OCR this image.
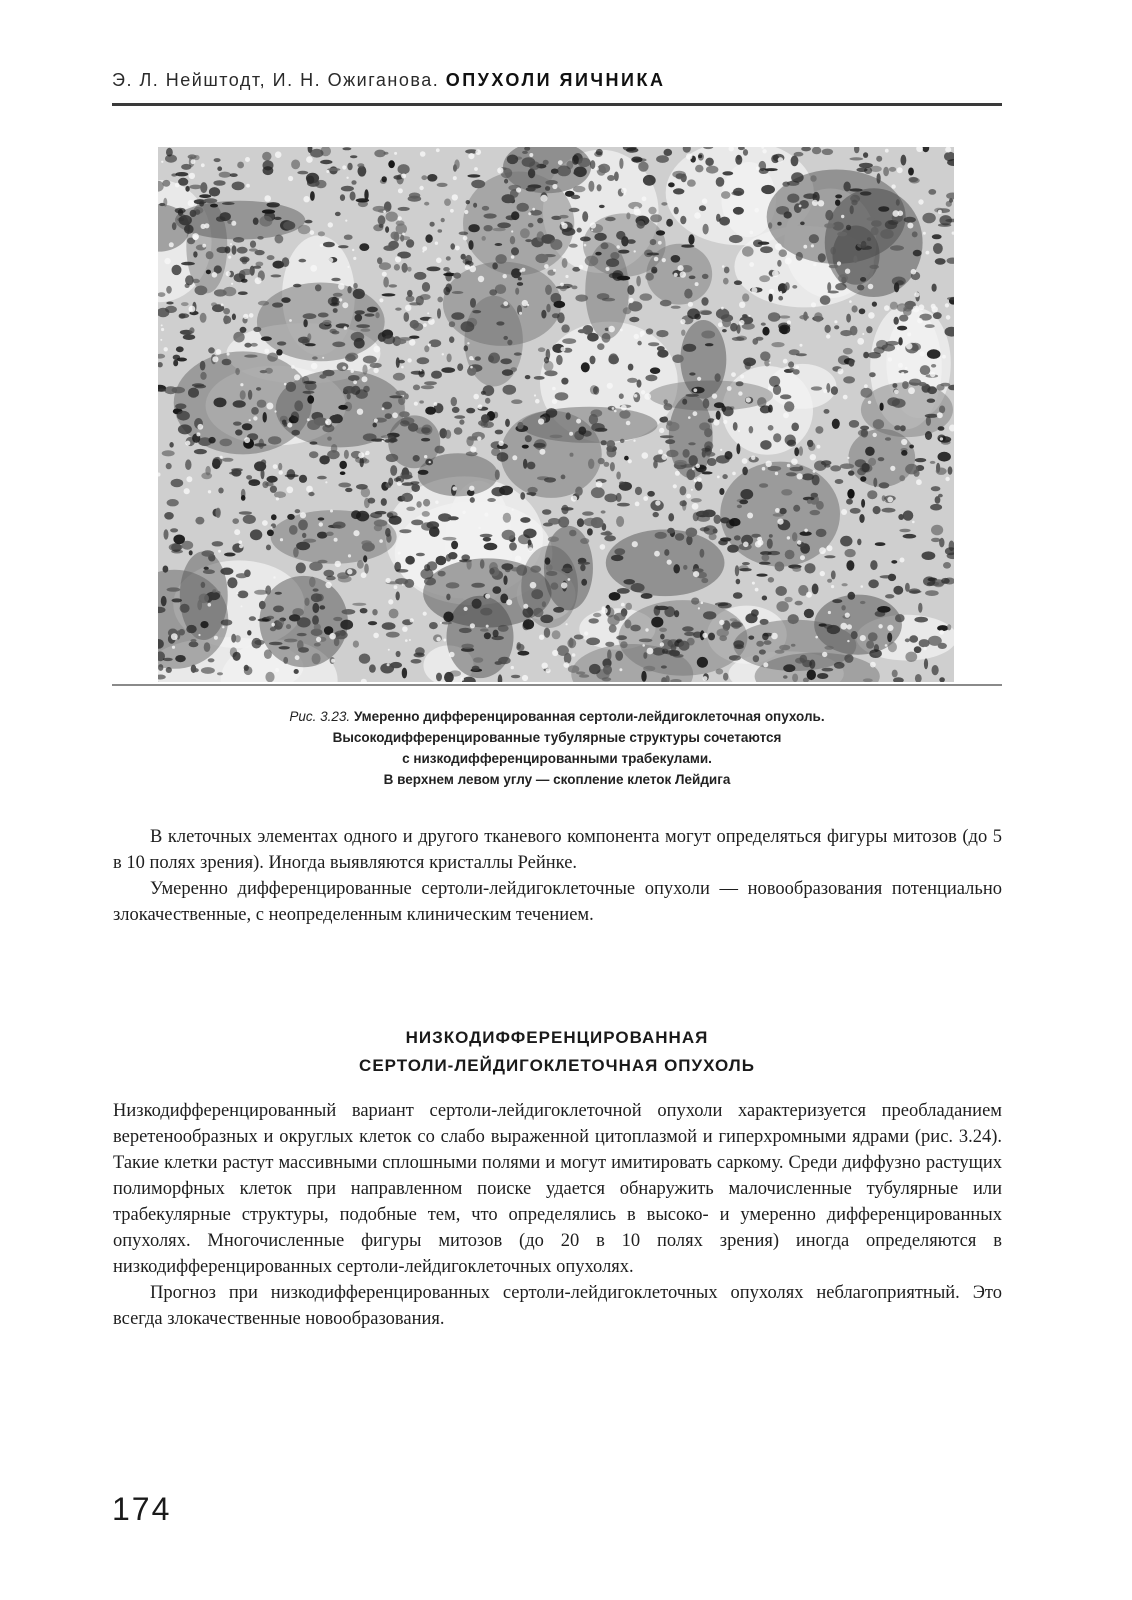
Э. Л. Нейштодт, И. Н. Ожиганова. ОПУХОЛИ ЯИЧНИКА
Рис. 3.23. Умеренно дифференцированная сертоли-лейдигоклеточная опухоль.
Высокодифференцированные тубулярные структуры сочетаются
с низкодифференцированными трабекулами.
В верхнем левом углу — скопление клеток Лейдига

В клеточных элементах одного и другого тканевого компонента могут определяться фигуры митозов (до 5 в 10 полях зрения). Иногда выявляются кристаллы Рейнке.

Умеренно дифференцированные сертоли-лейдигоклеточные опухоли — новообразования потенциально злокачественные, с неопределенным клиническим течением.

НИЗКОДИФФЕРЕНЦИРОВАННАЯ
СЕРТОЛИ-ЛЕЙДИГОКЛЕТОЧНАЯ ОПУХОЛЬ

Низкодифференцированный вариант сертоли-лейдигоклеточной опухоли характеризуется преобладанием веретенообразных и округлых клеток со слабо выраженной цитоплазмой и гиперхромными ядрами (рис. 3.24). Такие клетки растут массивными сплошными полями и могут имитировать саркому. Среди диффузно растущих полиморфных клеток при направленном поиске удается обнаружить малочисленные тубулярные или трабекулярные структуры, подобные тем, что определялись в высоко- и умеренно дифференцированных опухолях. Многочисленные фигуры митозов (до 20 в 10 полях зрения) иногда определяются в низкодифференцированных сертоли-лейдигоклеточных опухолях.

Прогноз при низкодифференцированных сертоли-лейдигоклеточных опухолях неблагоприятный. Это всегда злокачественные новообразования.

174
